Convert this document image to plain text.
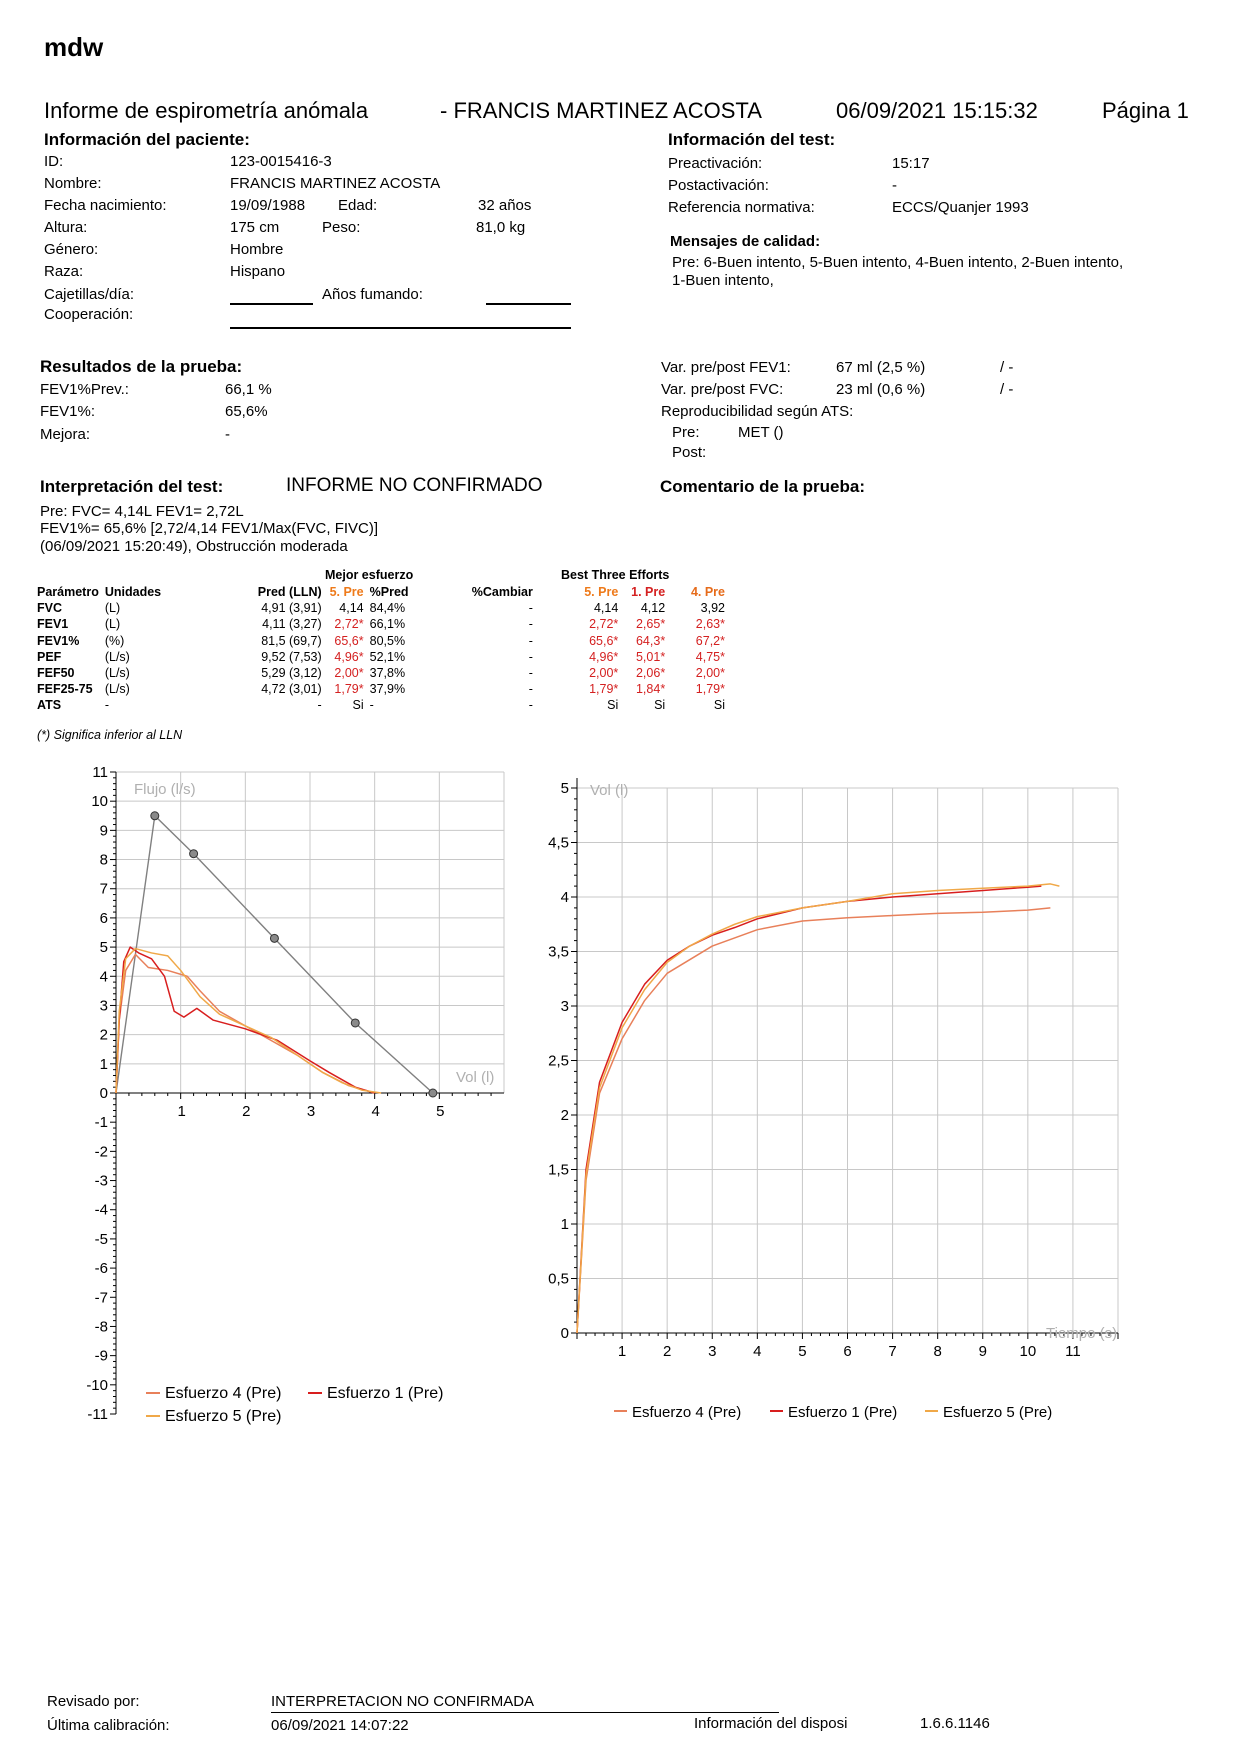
mdw
Informe de espirometría anómala	- FRANCIS MARTINEZ ACOSTA	06/09/2021 15:15:32	Página 1
Información del paciente:
ID:	123-0015416-3
Nombre:	FRANCIS MARTINEZ ACOSTA
Fecha nacimiento:	19/09/1988 Edad:	32 años
Altura:	175 cm	Peso:	81,0 kg
Género:	Hombre
Raza:	Hispano
Cajetillas/día:	Años fumando:
Cooperación:
Información del test:
Preactivación:	15:17
Postactivación:	-
Referencia normativa:	ECCS/Quanjer 1993
Mensajes de calidad:
Pre: 6-Buen intento, 5-Buen intento, 4-Buen intento, 2-Buen intento,
1-Buen intento,
Resultados de la prueba:
FEV1%Prev.:	66,1 %
FEV1%:	65,6%
Mejora:	-
Var. pre/post FEV1:	67 ml (2,5 %)	/ -
Var. pre/post FVC:	23 ml (0,6 %)	/ -
Reproducibilidad según ATS:
Pre:	MET ()
Post:
Interpretación del test:	INFORME NO CONFIRMADO	Comentario de la prueba:
Pre: FVC= 4,14L FEV1= 2,72L
FEV1%= 65,6% [2,72/4,14 FEV1/Max(FVC, FIVC)]
(06/09/2021 15:20:49), Obstrucción moderada
Mejor esfuerzo	Best Three Efforts
Parámetro	Unidades	Pred (LLN)	5. Pre	%Pred	%Cambiar	5. Pre	1. Pre	4. Pre
FVC	(L)	4,91 (3,91)	4,14	84,4%	-	4,14	4,12	3,92
FEV1	(L)	4,11 (3,27)	2,72*	66,1%	-	2,72*	2,65*	2,63*
FEV1%	(%)	81,5 (69,7)	65,6*	80,5%	-	65,6*	64,3*	67,2*
PEF	(L/s)	9,52 (7,53)	4,96*	52,1%	-	4,96*	5,01*	4,75*
FEF50	(L/s)	5,29 (3,12)	2,00*	37,8%	-	2,00*	2,06*	2,00*
FEF25-75	(L/s)	4,72 (3,01)	1,79*	37,9%	-	1,79*	1,84*	1,79*
ATS	-	-	Si	-	-	Si	Si	Si
(*) Significa inferior al LLN
11
10
9
8
7
6
5
4
3
2
1
0
-1
-2
-3
-4
-5
-6
-7
-8
-9
-10
-11
1	2	3	4	5
Flujo (l/s)
Vol (l)
Esfuerzo 4 (Pre)	Esfuerzo 1 (Pre)
Esfuerzo 5 (Pre)
5
4,5
4
3,5
3
2,5
2
1,5
1
0,5
0
1 2 3 4 5 6 7 8 9 10 11
Vol (l)
Tiempo (s)
Esfuerzo 4 (Pre)	Esfuerzo 1 (Pre)	Esfuerzo 5 (Pre)
Revisado por:	INTERPRETACION NO CONFIRMADA
Última calibración:	06/09/2021 14:07:22	Información del disposi	1.6.6.1146
